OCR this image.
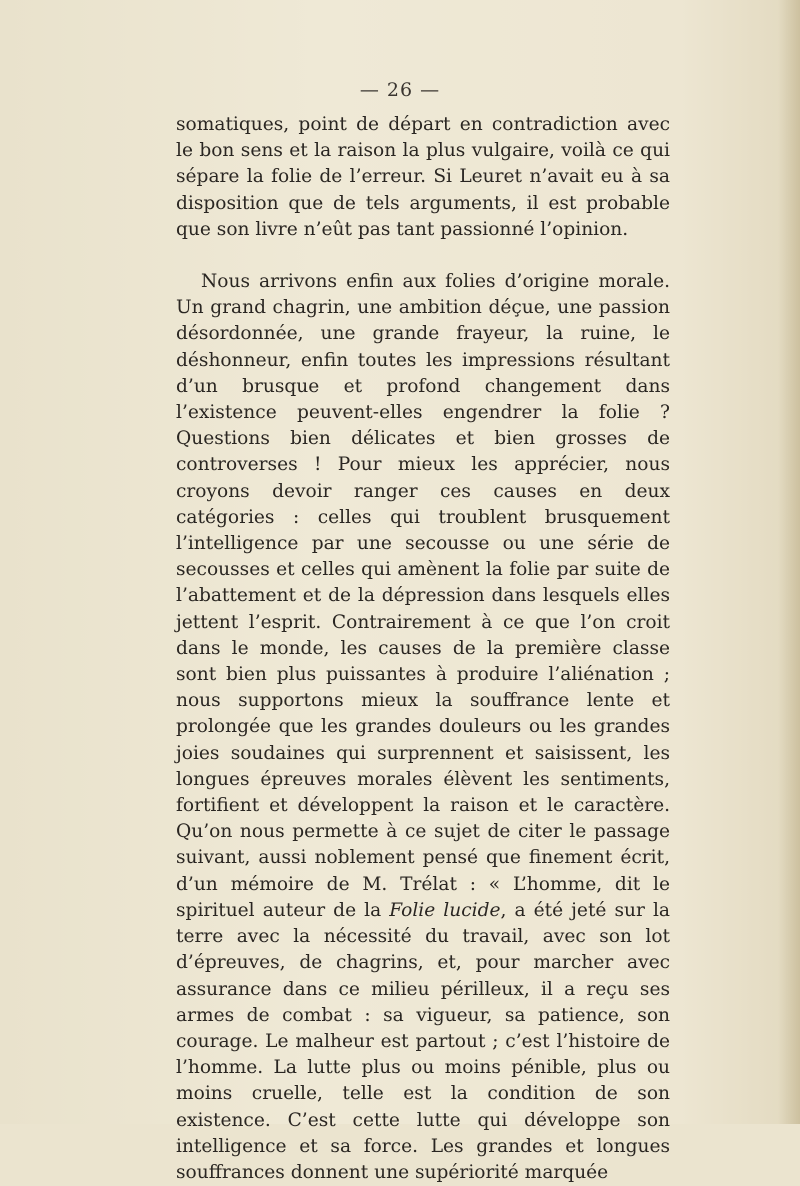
— 26 —

somatiques, point de départ en contradiction avec le bon sens et la raison la plus vulgaire, voilà ce qui sépare la folie de l’erreur. Si Leuret n’avait eu à sa disposition que de tels arguments, il est probable que son livre n’eût pas tant passionné l’opinion.

Nous arrivons enfin aux folies d’origine morale. Un grand chagrin, une ambition déçue, une passion désordonnée, une grande frayeur, la ruine, le déshonneur, enfin toutes les impressions résultant d’un brusque et profond changement dans l’existence peuvent-elles engendrer la folie ? Questions bien délicates et bien grosses de controverses ! Pour mieux les apprécier, nous croyons devoir ranger ces causes en deux catégories : celles qui troublent brusquement l’intelligence par une secousse ou une série de secousses et celles qui amènent la folie par suite de l’abattement et de la dépression dans lesquels elles jettent l’esprit. Contrairement à ce que l’on croit dans le monde, les causes de la première classe sont bien plus puissantes à produire l’aliénation ; nous supportons mieux la souffrance lente et prolongée que les grandes douleurs ou les grandes joies soudaines qui surprennent et saisissent, les longues épreuves morales élèvent les sentiments, fortifient et développent la raison et le caractère. Qu’on nous permette à ce sujet de citer le passage suivant, aussi noblement pensé que finement écrit, d’un mémoire de M. Trélat : « L’homme, dit le spirituel auteur de la Folie lucide, a été jeté sur la terre avec la nécessité du travail, avec son lot d’épreuves, de chagrins, et, pour marcher avec assurance dans ce milieu périlleux, il a reçu ses armes de combat : sa vigueur, sa patience, son courage. Le malheur est partout ; c’est l’histoire de l’homme. La lutte plus ou moins pénible, plus ou moins cruelle, telle est la condition de son existence. C’est cette lutte qui développe son intelligence et sa force. Les grandes et longues souffrances donnent une supériorité marquée
